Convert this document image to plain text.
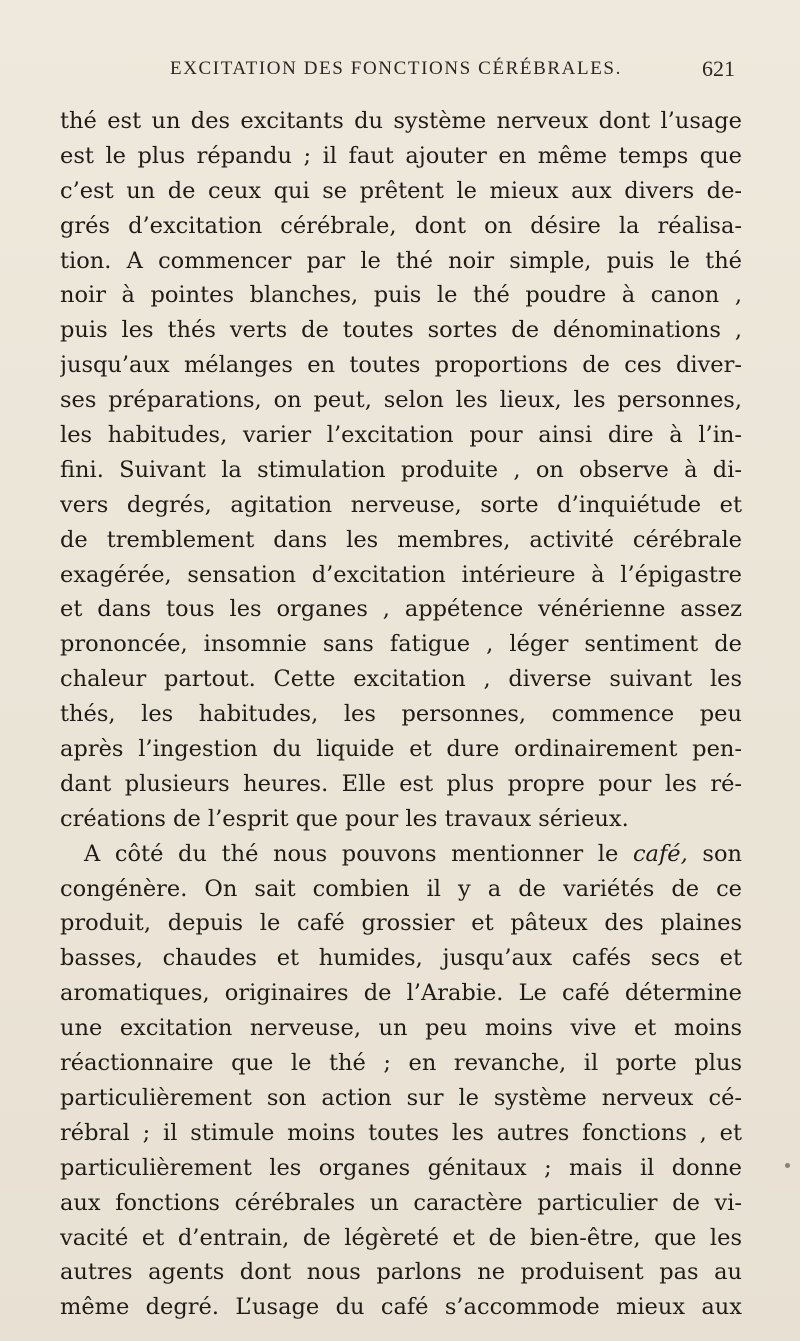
EXCITATION DES FONCTIONS CÉRÉBRALES.	621
thé est un des excitants du système nerveux dont l’usage
est le plus répandu ; il faut ajouter en même temps que
c’est un de ceux qui se prêtent le mieux aux divers de-
grés d’excitation cérébrale, dont on désire la réalisa-
tion. A commencer par le thé noir simple, puis le thé
noir à pointes blanches, puis le thé poudre à canon ,
puis les thés verts de toutes sortes de dénominations ,
jusqu’aux mélanges en toutes proportions de ces diver-
ses préparations, on peut, selon les lieux, les personnes,
les habitudes, varier l’excitation pour ainsi dire à l’in-
fini. Suivant la stimulation produite , on observe à di-
vers degrés, agitation nerveuse, sorte d’inquiétude et
de tremblement dans les membres, activité cérébrale
exagérée, sensation d’excitation intérieure à l’épigastre
et dans tous les organes , appétence vénérienne assez
prononcée, insomnie sans fatigue , léger sentiment de
chaleur partout. Cette excitation , diverse suivant les
thés, les habitudes, les personnes, commence peu
après l’ingestion du liquide et dure ordinairement pen-
dant plusieurs heures. Elle est plus propre pour les ré-
créations de l’esprit que pour les travaux sérieux.
A côté du thé nous pouvons mentionner le café, son
congénère. On sait combien il y a de variétés de ce
produit, depuis le café grossier et pâteux des plaines
basses, chaudes et humides, jusqu’aux cafés secs et
aromatiques, originaires de l’Arabie. Le café détermine
une excitation nerveuse, un peu moins vive et moins
réactionnaire que le thé ; en revanche, il porte plus
particulièrement son action sur le système nerveux cé-
rébral ; il stimule moins toutes les autres fonctions , et
particulièrement les organes génitaux ; mais il donne
aux fonctions cérébrales un caractère particulier de vi-
vacité et d’entrain, de légèreté et de bien-être, que les
autres agents dont nous parlons ne produisent pas au
même degré. L’usage du café s’accommode mieux aux
